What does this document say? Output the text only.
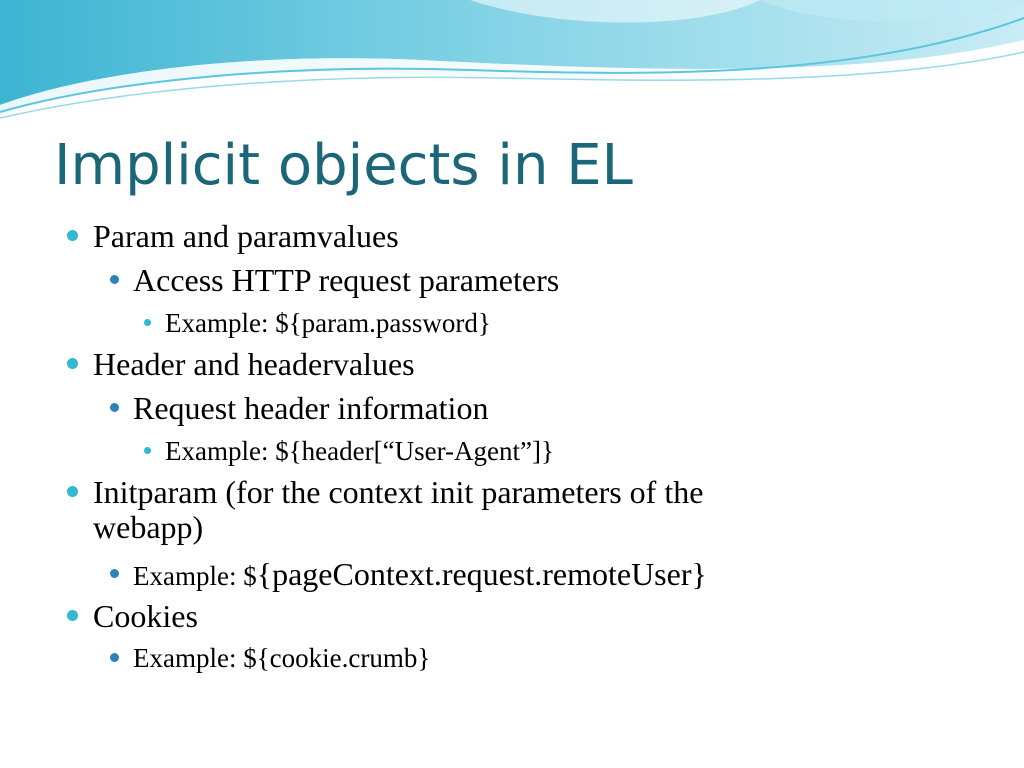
Implicit objects in EL
Param and paramvalues
Access HTTP request parameters
Example: ${param.password}
Header and headervalues
Request header information
Example: ${header[“User-Agent”]}
Initparam (for the context init parameters of the
webapp)
Example: ${pageContext.request.remoteUser}
Cookies
Example: ${cookie.crumb}
